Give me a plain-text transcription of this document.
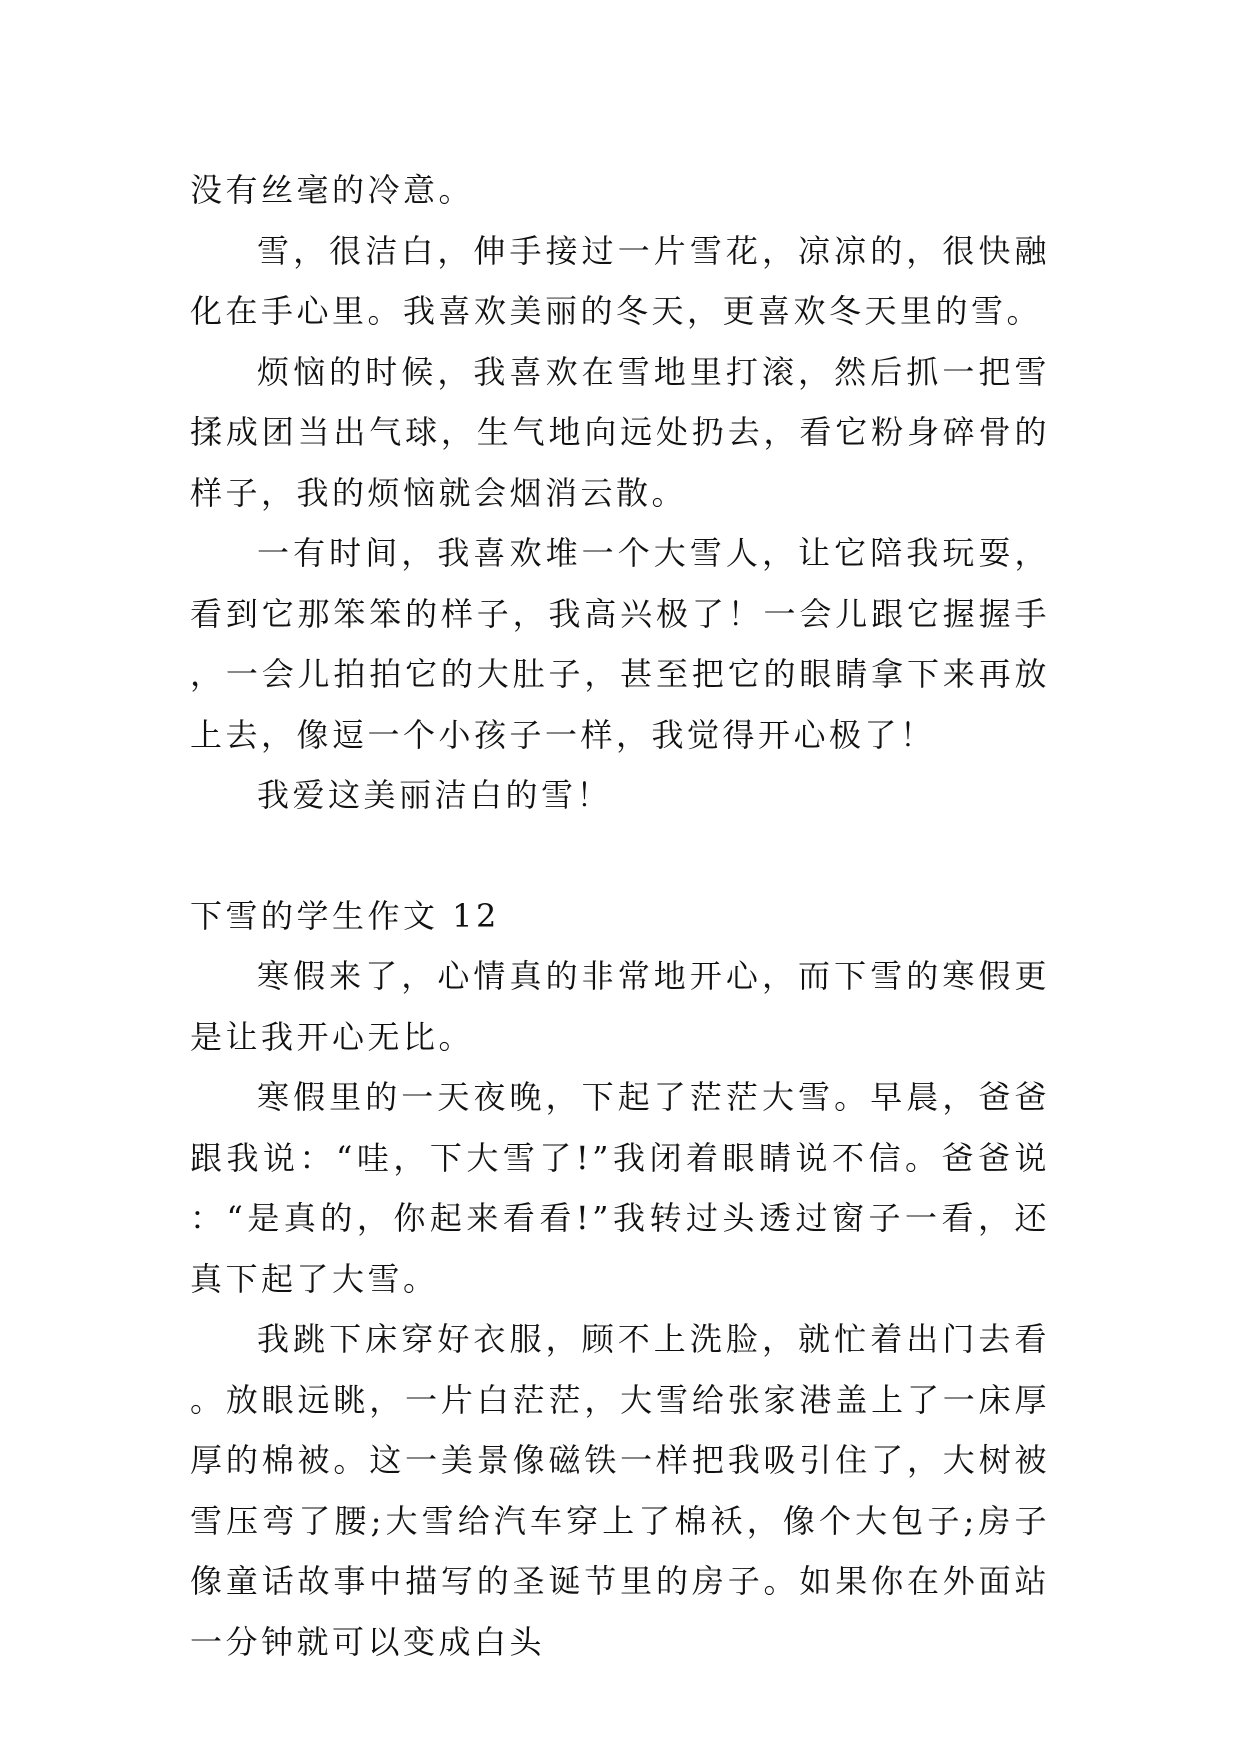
没有丝毫的冷意。

雪，很洁白，伸手接过一片雪花，凉凉的，很快融化在手心里。我喜欢美丽的冬天，更喜欢冬天里的雪。

烦恼的时候，我喜欢在雪地里打滚，然后抓一把雪揉成团当出气球，生气地向远处扔去，看它粉身碎骨的样子，我的烦恼就会烟消云散。

一有时间，我喜欢堆一个大雪人，让它陪我玩耍，看到它那笨笨的样子，我高兴极了！一会儿跟它握握手，一会儿拍拍它的大肚子，甚至把它的眼睛拿下来再放上去，像逗一个小孩子一样，我觉得开心极了！

我爱这美丽洁白的雪！

下雪的学生作文 12

寒假来了，心情真的非常地开心，而下雪的寒假更是让我开心无比。

寒假里的一天夜晚，下起了茫茫大雪。早晨，爸爸跟我说：“哇，下大雪了!”我闭着眼睛说不信。爸爸说：“是真的，你起来看看!”我转过头透过窗子一看，还真下起了大雪。

我跳下床穿好衣服，顾不上洗脸，就忙着出门去看。放眼远眺，一片白茫茫，大雪给张家港盖上了一床厚厚的棉被。这一美景像磁铁一样把我吸引住了，大树被雪压弯了腰;大雪给汽车穿上了棉袄，像个大包子;房子像童话故事中描写的圣诞节里的房子。如果你在外面站一分钟就可以变成白头
